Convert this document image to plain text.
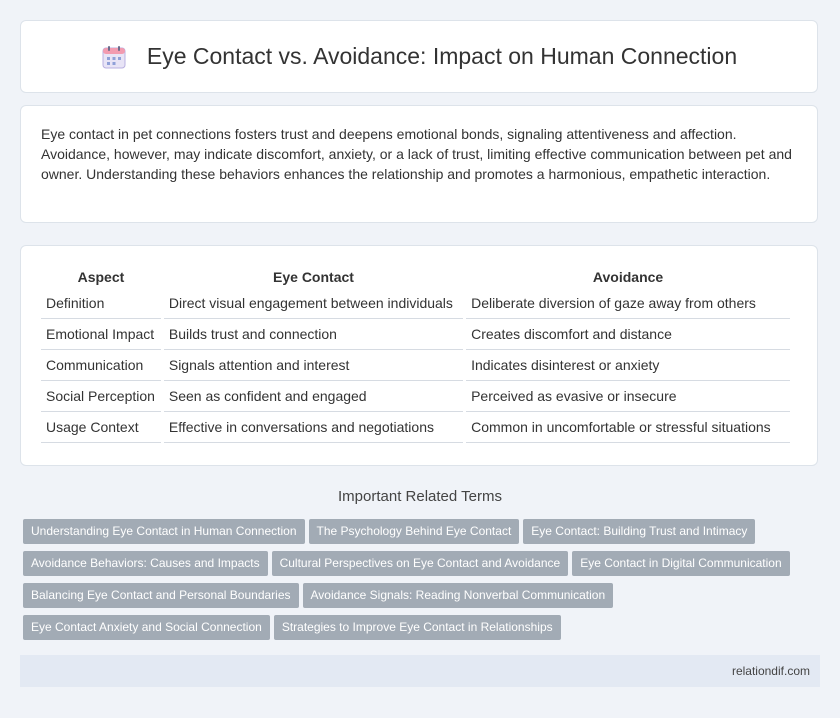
Eye Contact vs. Avoidance: Impact on Human Connection

Eye contact in pet connections fosters trust and deepens emotional bonds, signaling attentiveness and affection. Avoidance, however, may indicate discomfort, anxiety, or a lack of trust, limiting effective communication between pet and owner. Understanding these behaviors enhances the relationship and promotes a harmonious, empathetic interaction.

Aspect	Eye Contact	Avoidance
Definition	Direct visual engagement between individuals	Deliberate diversion of gaze away from others
Emotional Impact	Builds trust and connection	Creates discomfort and distance
Communication	Signals attention and interest	Indicates disinterest or anxiety
Social Perception	Seen as confident and engaged	Perceived as evasive or insecure
Usage Context	Effective in conversations and negotiations	Common in uncomfortable or stressful situations
Important Related Terms
Understanding Eye Contact in Human Connection The Psychology Behind Eye Contact Eye Contact: Building Trust and Intimacy
Avoidance Behaviors: Causes and Impacts Cultural Perspectives on Eye Contact and Avoidance Eye Contact in Digital Communication
Balancing Eye Contact and Personal Boundaries Avoidance Signals: Reading Nonverbal Communication
Eye Contact Anxiety and Social Connection Strategies to Improve Eye Contact in Relationships
relationdif.com
